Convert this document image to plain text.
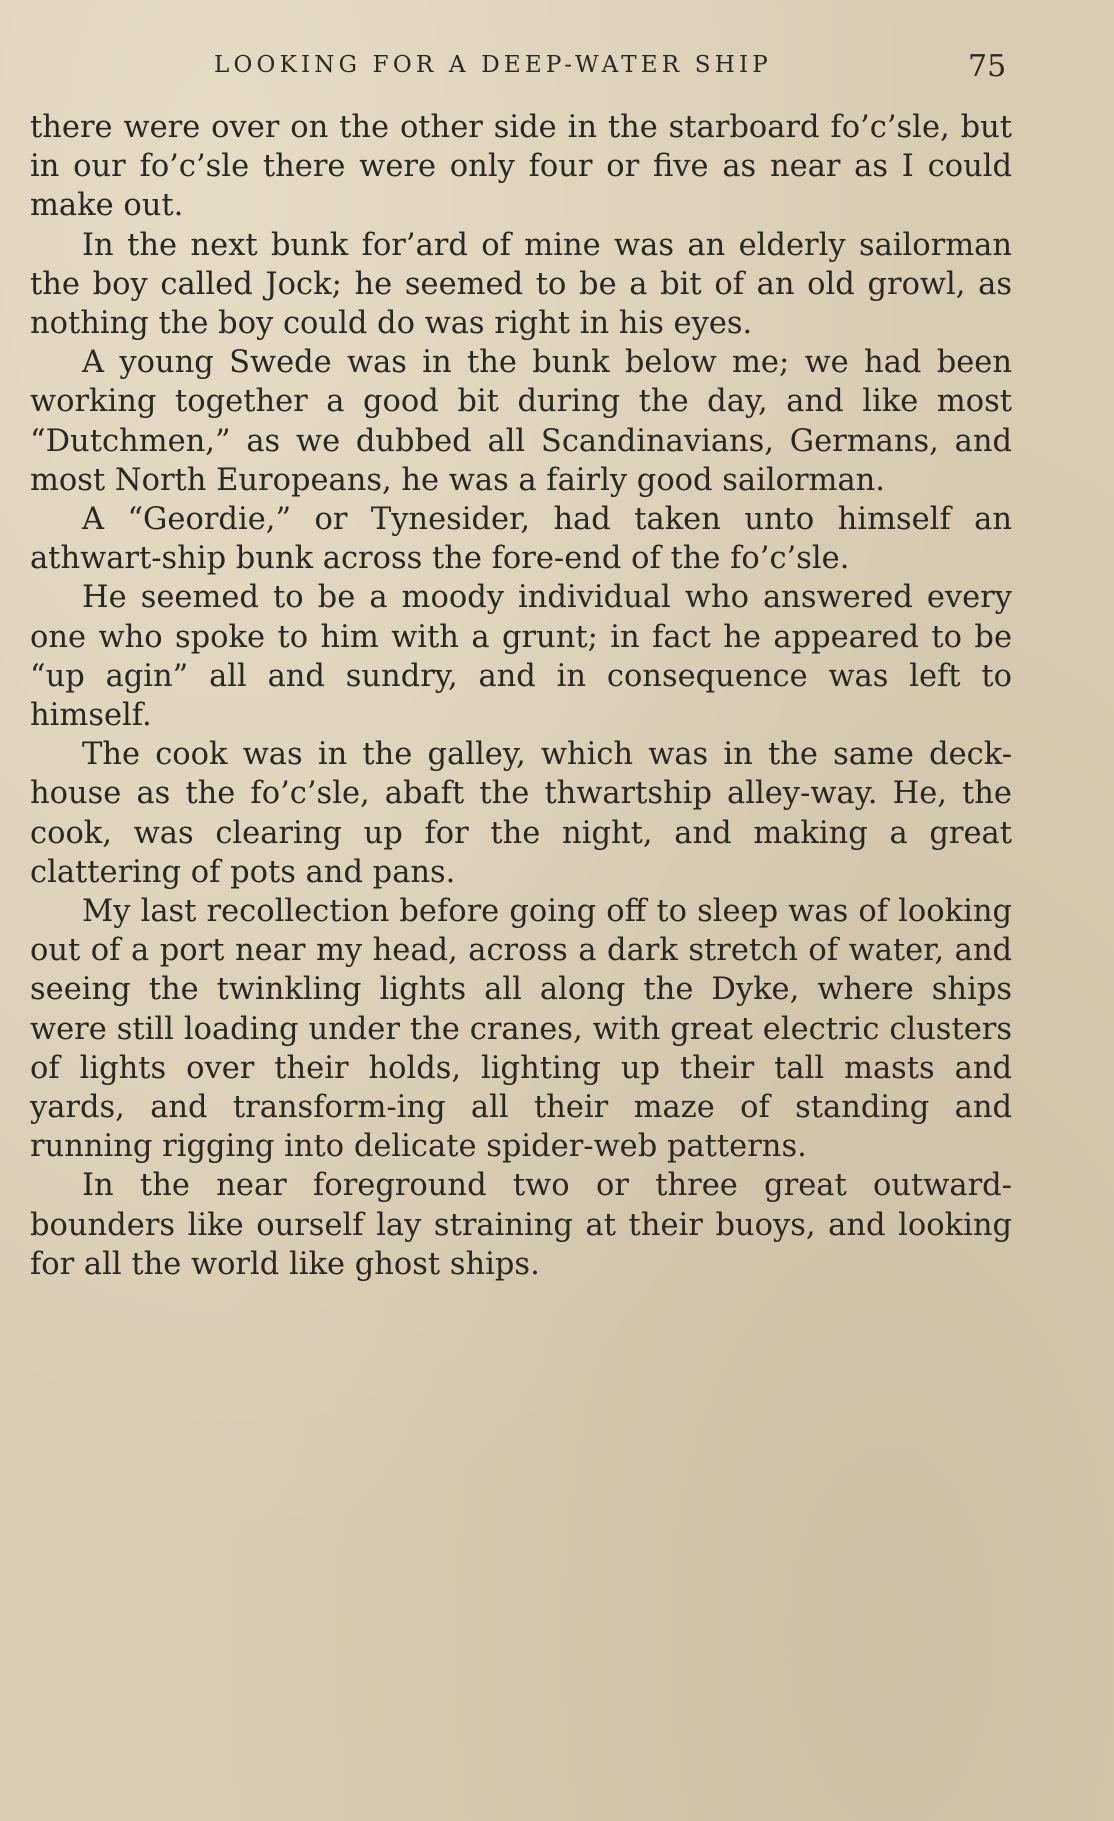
LOOKING FOR A DEEP-WATER SHIP	75

there were over on the other side in the starboard fo’c’sle, but in our fo’c’sle there were only four or five as near as I could make out.

In the next bunk for’ard of mine was an elderly sailorman the boy called Jock; he seemed to be a bit of an old growl, as nothing the boy could do was right in his eyes.

A young Swede was in the bunk below me; we had been working together a good bit during the day, and like most “Dutchmen,” as we dubbed all Scandinavians, Germans, and most North Europeans, he was a fairly good sailorman.

A “Geordie,” or Tynesider, had taken unto himself an athwart-ship bunk across the fore-end of the fo’c’sle.

He seemed to be a moody individual who answered every one who spoke to him with a grunt; in fact he appeared to be “up agin” all and sundry, and in consequence was left to himself.

The cook was in the galley, which was in the same deck-house as the fo’c’sle, abaft the thwartship alley-way. He, the cook, was clearing up for the night, and making a great clattering of pots and pans.

My last recollection before going off to sleep was of looking out of a port near my head, across a dark stretch of water, and seeing the twinkling lights all along the Dyke, where ships were still loading under the cranes, with great electric clusters of lights over their holds, lighting up their tall masts and yards, and transform-ing all their maze of standing and running rigging into delicate spider-web patterns.

In the near foreground two or three great outward-bounders like ourself lay straining at their buoys, and looking for all the world like ghost ships.
